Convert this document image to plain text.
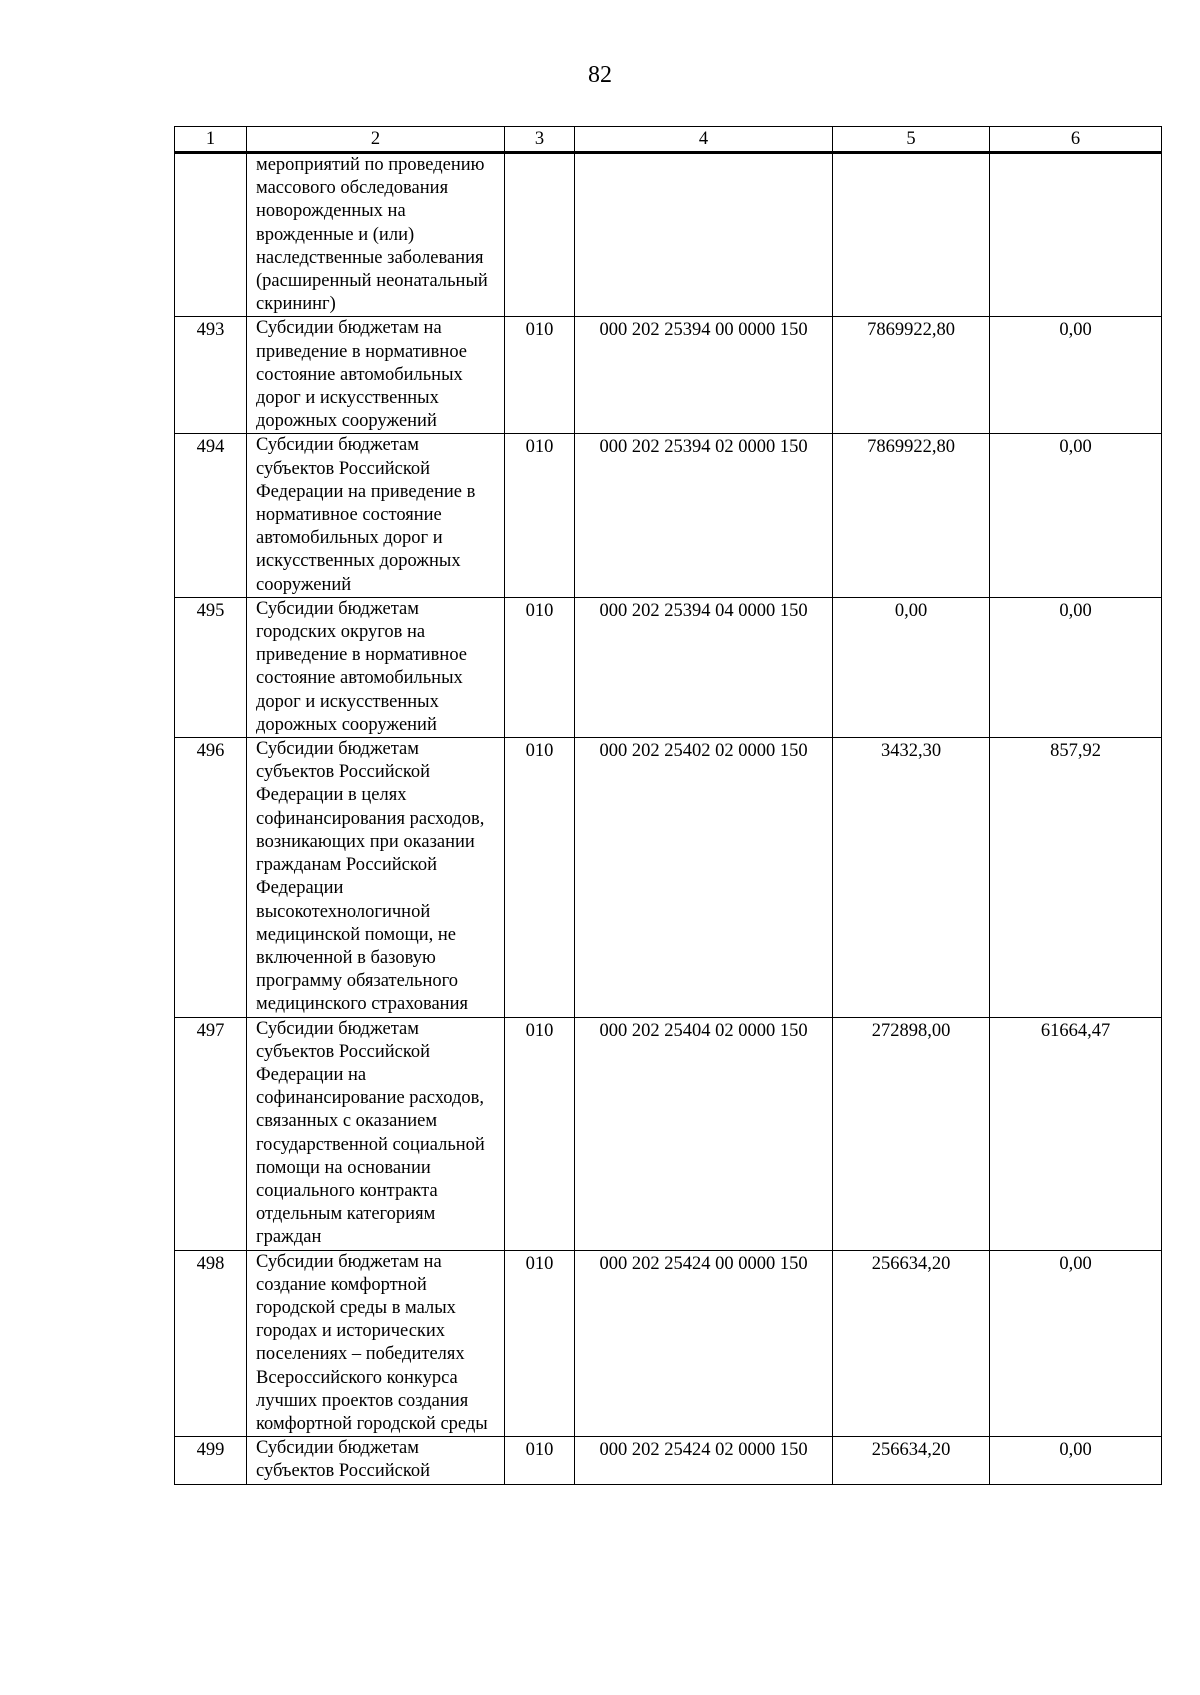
82
1	2	3	4	5	6
	мероприятий по проведению массового обследования новорожденных на врожденные и (или) наследственные заболевания (расширенный неонатальный скрининг)				
493	Субсидии бюджетам на приведение в нормативное состояние автомобильных дорог и искусственных дорожных сооружений	010	000 202 25394 00 0000 150	7869922,80	0,00
494	Субсидии бюджетам субъектов Российской Федерации на приведение в нормативное состояние автомобильных дорог и искусственных дорожных сооружений	010	000 202 25394 02 0000 150	7869922,80	0,00
495	Субсидии бюджетам городских округов на приведение в нормативное состояние автомобильных дорог и искусственных дорожных сооружений	010	000 202 25394 04 0000 150	0,00	0,00
496	Субсидии бюджетам субъектов Российской Федерации в целях софинансирования расходов, возникающих при оказании гражданам Российской Федерации высокотехнологичной медицинской помощи, не включенной в базовую программу обязательного медицинского страхования	010	000 202 25402 02 0000 150	3432,30	857,92
497	Субсидии бюджетам субъектов Российской Федерации на софинансирование расходов, связанных с оказанием государственной социальной помощи на основании социального контракта отдельным категориям граждан	010	000 202 25404 02 0000 150	272898,00	61664,47
498	Субсидии бюджетам на создание комфортной городской среды в малых городах и исторических поселениях – победителях Всероссийского конкурса лучших проектов создания комфортной городской среды	010	000 202 25424 00 0000 150	256634,20	0,00
499	Субсидии бюджетам субъектов Российской	010	000 202 25424 02 0000 150	256634,20	0,00
